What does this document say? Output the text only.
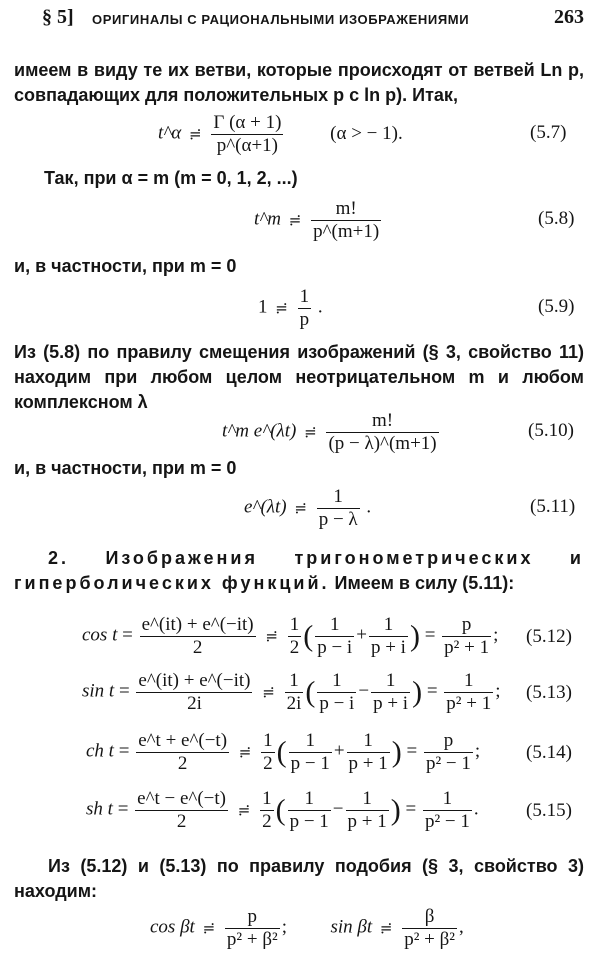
§ 5] ОРИГИНАЛЫ С РАЦИОНАЛЬНЫМИ ИЗОБРАЖЕНИЯМИ	263

имеем в виду те их ветви, которые происходят от ветвей Ln p, совпадающих для положительных p с ln p). Итак,

t^α ≓ $\frac{\Gamma (\alpha + 1)}{p\^{}(\alpha+1)} (\alpha$ > − 1).	(5.7)

Так, при α = m (m = 0, 1, 2, ...)

t^m ≓ $\frac{m!}{p\^{}(m+1)}$	(5.8)

и, в частности, при m = 0

1 ≓ $\frac{1}{p}$ .	(5.9)

Из (5.8) по правилу смещения изображений (§ 3, свойство 11) находим при любом целом неотрицательном m и любом комплексном λ

t^m e^(λt) ≓ $\frac{m!}{(p - \lambda)\^{}(m+1)}$	(5.10)

и, в частности, при m = 0

e^(λt) ≓ $\frac{1}{p - \lambda}$ .	(5.11)

2. Изображения тригонометрических и гиперболических функций. Имеем в силу (5.11):

$\cos t = \frac{e\^{}(it) + e\^{}(-it)}{2}$ ≓ $\frac{1}{2}$ ( $\frac{1}{p - i} + \frac{1}{p + i}$ ) = $\frac{p}{\text{p² + 1}}$ ; (5.12)
$\sin t = \frac{e\^{}(it) + e\^{}(-it)}{2i}$ ≓ $\frac{1}{2i}$ ( $\frac{1}{p - i} - \frac{1}{p + i}$ ) = $\frac{1}{\text{p² + 1}}$ ; (5.13)
ch $t = \frac{e\^{}t + e\^{}(-t)}{2}$ ≓ $\frac{1}{2}$ ( $\frac{1}{p - 1} + \frac{1}{p + 1}$ ) = $\frac{p}{\text{p² − 1}}$ ; (5.14)
sh $t = \frac{e\^{}t - e\^{}(-t)}{2}$ ≓ $\frac{1}{2}$ ( $\frac{1}{p - 1} - \frac{1}{p + 1}$ ) = $\frac{1}{\text{p² − 1}}$ . (5.15)

Из (5.12) и (5.13) по правилу подобия (§ 3, свойство 3) находим:

cos βt ≓ $\frac{p}{\text{p² + β²}}$ ; sin βt ≓ $\frac{\beta}{\text{p² + β²}}$ ,
